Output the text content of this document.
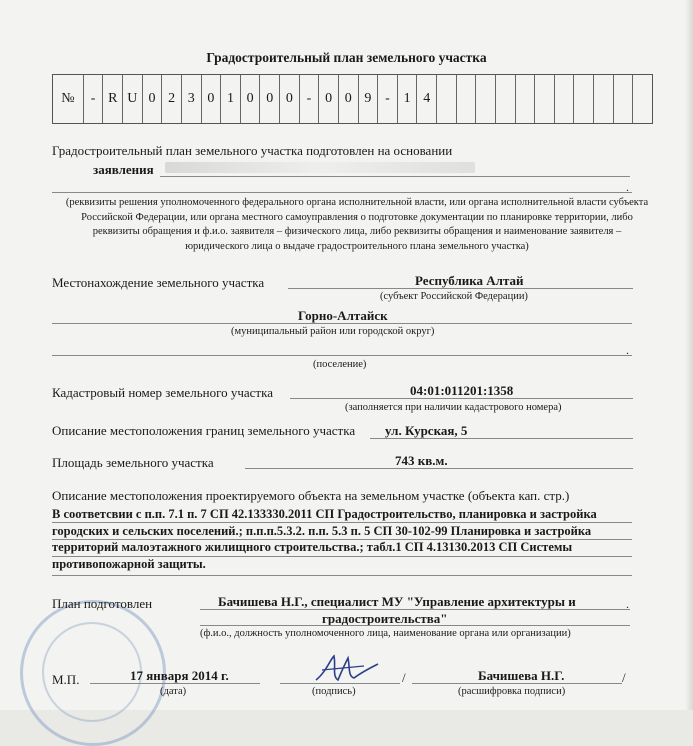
Градостроительный план земельного участка
№	- R U 0 2 3 0 1 0 0 0 - 0 0 9 - 1 4
Градостроительный план земельного участка подготовлен на основании
заявления
.
(реквизиты решения уполномоченного федерального органа исполнительной власти, или органа исполнительной власти субъекта Российской Федерации, или органа местного самоуправления о подготовке документации по планировке территории, либо реквизиты обращения и ф.и.о. заявителя – физического лица, либо реквизиты обращения и наименование заявителя – юридического лица о выдаче градостроительного плана земельного участка)
Местонахождение земельного участка	Республика Алтай
(субъект Российской Федерации)
Горно-Алтайск
(муниципальный район или городской округ)
.
(поселение)
Кадастровый номер земельного участка	04:01:011201:1358
(заполняется при наличии кадастрового номера)
Описание местоположения границ земельного участка ул. Курская, 5
Площадь земельного участка	743 кв.м.
Описание местоположения проектируемого объекта на земельном участке (объекта кап. стр.)
В соответсвии с п.п. 7.1 п. 7 СП 42.133330.2011 СП Градостроительство, планировка и застройка городских и сельских поселений.; п.п.п.5.3.2. п.п. 5.3 п. 5 СП 30-102-99 Планировка и застройка территорий малоэтажного жилищного строительства.; табл.1 СП 4.13130.2013 СП Системы противопожарной защиты.
План подготовлен	Бачишева Н.Г., специалист МУ "Управление архитектуры и	.
градостроительства"
(ф.и.о., должность уполномоченного лица, наименование органа или организации)
М.П.	17 января 2014 г.
(дата)	(подпись)
/	Бачишева Н.Г.	/
(расшифровка подписи)
